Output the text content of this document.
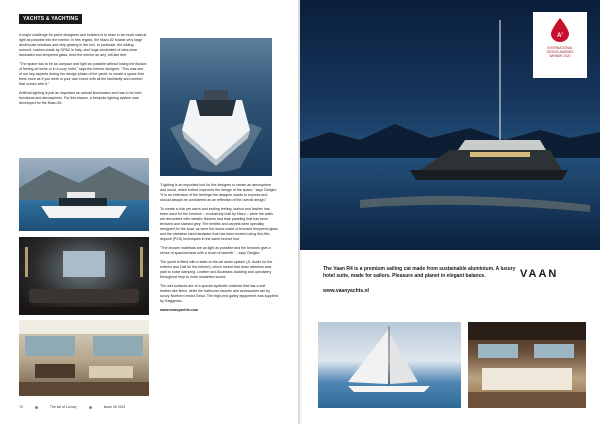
YACHTS & YACHTING

A major challenge for yacht designers and builders is to draw in as much natural light as possible into the interior. In this regard, the Mazu 82 boasts very large deckhouse windows and strip glazing in the hull. In particular, the sliding sunroof, custom-made by OPAC in Italy, and huge windshield of ultra-clear laminated and tempered glass, bred the interior an airy, loft-like feel.

"The space has to be as compact and light as possible without losing the illusion of feeling at home or in a cozy hotel," says the interior designer. "This was one of our key aspects during the design phase of the yacht: to create a space that feels more as if you were in your own home with all the familiarity and comfort that comes with it."

Artificial lighting is just as important as natural illumination and has to be both functional and atmospheric. For this reason, a bespoke lighting system was developed for the Mazu 82.

"Lighting is an important tool for the designer to create an atmosphere and mood, which further improves the design of the space," says Özdglm. "It is an extension of the feelings the designer wants to express and should always be considered as an reflection of the overall design."

To create a chic yet warm and inviting feeling, walnut and leather has been used for the furniture – exclusively built by Mazu – while the walls are decorated with metallic finishes and teak paneling that has been textured and stained grey. The textiles and carpets were specially designed for the boat, as were the doors made of bronzed tempered glass and the stainless steel hardware that has been treated using thin-film deposit (PVD) techniques in the same bronze hue.

"The chosen materials are as light as possible and the textures give a sense of spaciousness with a touch of warmth" – says Özdglm.

The yacht is fitted with a state-of-the-art audio system (JL Audio for the exterior and Dali for the interior), which meant that close attention was paid to noise damping. Leather and Alcantara cladding and upholstery throughout help to mute unwanted sound.

The wet surfaces are of a special synthetic material that has a soft leather-like finish, while the bathroom faucets and accessories are by luxury Northern brand Gessi. The high-end galley equipment was supplied by Gaggenau.

www.mazuyachts.com

70	The Art of Luxury	Issue 49 2021
A'
INTERNATIONAL
DESIGN AWARDS
WINNER 2020
The Vaan R4 is a premium sailing cat made from sustainable aluminium. A luxury hotel suite, made for sailors. Pleasure and planet in elegant balance.
www.vaanyachts.nl
VAAN
